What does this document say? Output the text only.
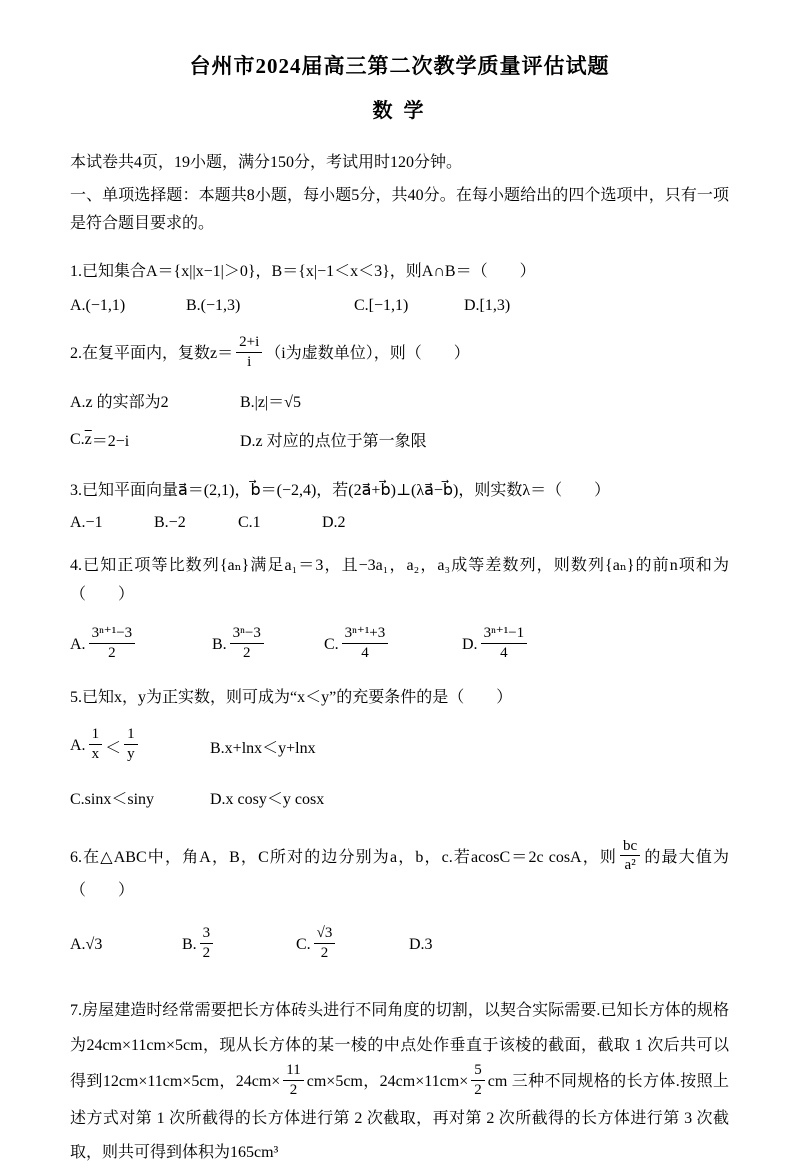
台州市2024届高三第二次教学质量评估试题
数 学

本试卷共4页，19小题，满分150分，考试用时120分钟。

一、单项选择题：本题共8小题，每小题5分，共40分。在每小题给出的四个选项中，只有一项是符合题目要求的。

1.已知集合A＝{x||x−1|＞0}，B＝{x|−1＜x＜3}，则A∩B＝（　　）

A.(−1,1)	B.(−1,3)	C.[−1,1)	D.[1,3)

2.在复平面内，复数$z= \frac{2+i}{i} (i$为虚数单位），则（　　）

A.z 的实部为2	B.|z|＝√5
C. $\overline{z} =2-i$	D.z 对应的点位于第一象限

3.已知平面向量a⃗＝(2,1)，b⃗＝(−2,4)，若(2a⃗+b⃗)⊥(λa⃗−b⃗)，则实数λ＝（　　）

A.−1	B.−2	C.1	D.2

4.已知正项等比数列{aₙ}满足a₁＝3，且−3a₁，a₂，a₃成等差数列，则数列{aₙ}的前n项和为（　　）

A. $\frac{\text{3ⁿ⁺¹−3}}{2}$	B. $\frac{\text{3ⁿ−3}}{2}$	C. $\frac{\text{3ⁿ⁺¹+3}}{4}$	D. $\frac{\text{3ⁿ⁺¹−1}}{4}$

5.已知x，y为正实数，则可成为“x＜y”的充要条件的是（　　）

A. $\frac{1}{x} < \frac{1}{y}$	B.x+lnx＜y+lnx
C.sinx＜siny	D.x cosy＜y cosx

6.在△ABC中，角A，B，C所对的边分别为a，b，c.若acosC＝2c cosA，则 $\frac{bc}{\text{a²}}$ 的最大值为（　　）

A.√3	B. $\frac{3}{2}$	C. $\frac{√3}{2}$	D.3

7.房屋建造时经常需要把长方体砖头进行不同角度的切割，以契合实际需要.已知长方体的规格为24cm×11cm×5cm，现从长方体的某一棱的中点处作垂直于该棱的截面，截取 1 次后共可以得到12cm×11cm×5cm，$24cm\times \frac{11}{2} cm\times 5cm$，$24cm\times 11cm\times \frac{5}{2}$ cm 三种不同规格的长方体.按照上述方式对第 1 次所截得的长方体进行第 2 次截取，再对第 2 次所截得的长方体进行第 3 次截取，则共可得到体积为165cm³
